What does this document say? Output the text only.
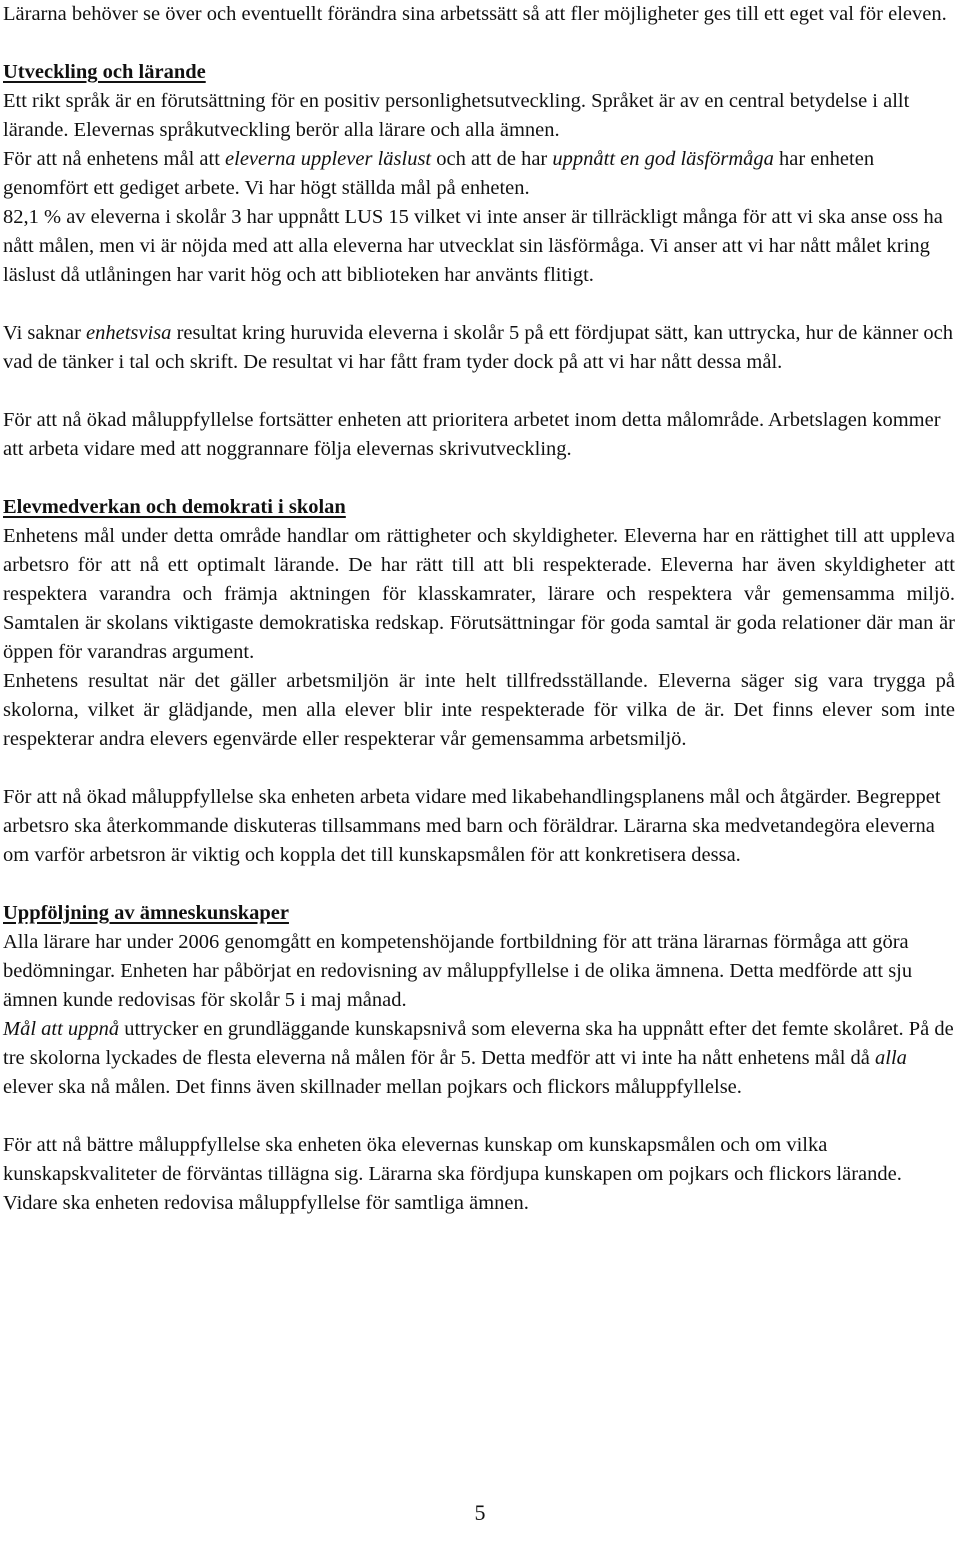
Lärarna behöver se över och eventuellt förändra sina arbetssätt så att fler möjligheter ges till ett eget val för eleven.

Utveckling och lärande

Ett rikt språk är en förutsättning för en positiv personlighetsutveckling. Språket är av en central betydelse i allt lärande. Elevernas språkutveckling berör alla lärare och alla ämnen.

För att nå enhetens mål att eleverna upplever läslust och att de har uppnått en god läsförmåga har enheten genomfört ett gediget arbete. Vi har högt ställda mål på enheten.

82,1 % av eleverna i skolår 3 har uppnått LUS 15 vilket vi inte anser är tillräckligt många för att vi ska anse oss ha nått målen, men vi är nöjda med att alla eleverna har utvecklat sin läsförmåga. Vi anser att vi har nått målet kring läslust då utlåningen har varit hög och att biblioteken har använts flitigt.

Vi saknar enhetsvisa resultat kring huruvida eleverna i skolår 5 på ett fördjupat sätt, kan uttrycka, hur de känner och vad de tänker i tal och skrift. De resultat vi har fått fram tyder dock på att vi har nått dessa mål.

För att nå ökad måluppfyllelse fortsätter enheten att prioritera arbetet inom detta målområde. Arbetslagen kommer att arbeta vidare med att noggrannare följa elevernas skrivutveckling.

Elevmedverkan och demokrati i skolan

Enhetens mål under detta område handlar om rättigheter och skyldigheter. Eleverna har en rättighet till att uppleva arbetsro för att nå ett optimalt lärande. De har rätt till att bli respekterade. Eleverna har även skyldigheter att respektera varandra och främja aktningen för klasskamrater, lärare och respektera vår gemensamma miljö. Samtalen är skolans viktigaste demokratiska redskap. Förutsättningar för goda samtal är goda relationer där man är öppen för varandras argument.

Enhetens resultat när det gäller arbetsmiljön är inte helt tillfredsställande. Eleverna säger sig vara trygga på skolorna, vilket är glädjande, men alla elever blir inte respekterade för vilka de är. Det finns elever som inte respekterar andra elevers egenvärde eller respekterar vår gemensamma arbetsmiljö.

För att nå ökad måluppfyllelse ska enheten arbeta vidare med likabehandlingsplanens mål och åtgärder. Begreppet arbetsro ska återkommande diskuteras tillsammans med barn och föräldrar. Lärarna ska medvetandegöra eleverna om varför arbetsron är viktig och koppla det till kunskapsmålen för att konkretisera dessa.

Uppföljning av ämneskunskaper

Alla lärare har under 2006 genomgått en kompetenshöjande fortbildning för att träna lärarnas förmåga att göra bedömningar. Enheten har påbörjat en redovisning av måluppfyllelse i de olika ämnena. Detta medförde att sju ämnen kunde redovisas för skolår 5 i maj månad.

Mål att uppnå uttrycker en grundläggande kunskapsnivå som eleverna ska ha uppnått efter det femte skolåret. På de tre skolorna lyckades de flesta eleverna nå målen för år 5. Detta medför att vi inte ha nått enhetens mål då alla elever ska nå målen. Det finns även skillnader mellan pojkars och flickors måluppfyllelse.

För att nå bättre måluppfyllelse ska enheten öka elevernas kunskap om kunskapsmålen och om vilka kunskapskvaliteter de förväntas tillägna sig. Lärarna ska fördjupa kunskapen om pojkars och flickors lärande. Vidare ska enheten redovisa måluppfyllelse för samtliga ämnen.

5
